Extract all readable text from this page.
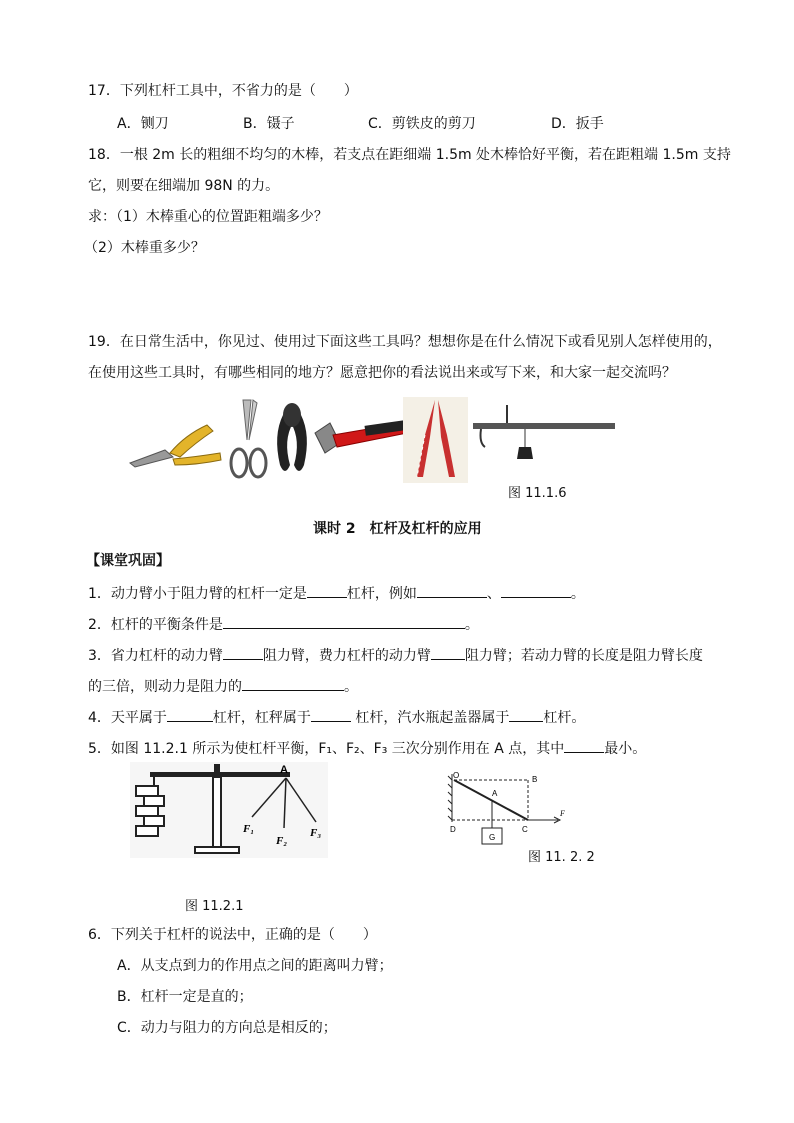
17．下列杠杆工具中，不省力的是（　　）
A．铡刀	B．镊子	C．剪铁皮的剪刀	D．扳手
18．一根 2m 长的粗细不均匀的木棒，若支点在距细端 1.5m 处木棒恰好平衡，若在距粗端 1.5m 支持
它，则要在细端加 98N 的力。
求：（1）木棒重心的位置距粗端多少？
（2）木棒重多少？
19．在日常生活中，你见过、使用过下面这些工具吗？想想你是在什么情况下或看见别人怎样使用的，
在使用这些工具时，有哪些相同的地方？愿意把你的看法说出来或写下来，和大家一起交流吗？
图 11.1.6
课时 2　杠杆及杠杆的应用
【课堂巩固】
1．动力臂小于阻力臂的杠杆一定是	杠杆，例如	、	。
2．杠杆的平衡条件是	。
3．省力杠杆的动力臂	阻力臂，费力杠杆的动力臂 阻力臂；若动力臂的长度是阻力臂长度
的三倍，则动力是阻力的	。
4．天平属于	杠杆，杠秤属于	杠杆，汽水瓶起盖器属于 杠杆。
5．如图 11.2.1 所示为使杠杆平衡，F₁、F₂、F₃ 三次分别作用在 A 点，其中	最小。
A
F₁
F₂
F₃
图 11.2.1
O	B
A
D	C
F
G
图 11. 2. 2
6．下列关于杠杆的说法中，正确的是（　　）
A．从支点到力的作用点之间的距离叫力臂；
B．杠杆一定是直的；
C．动力与阻力的方向总是相反的；
